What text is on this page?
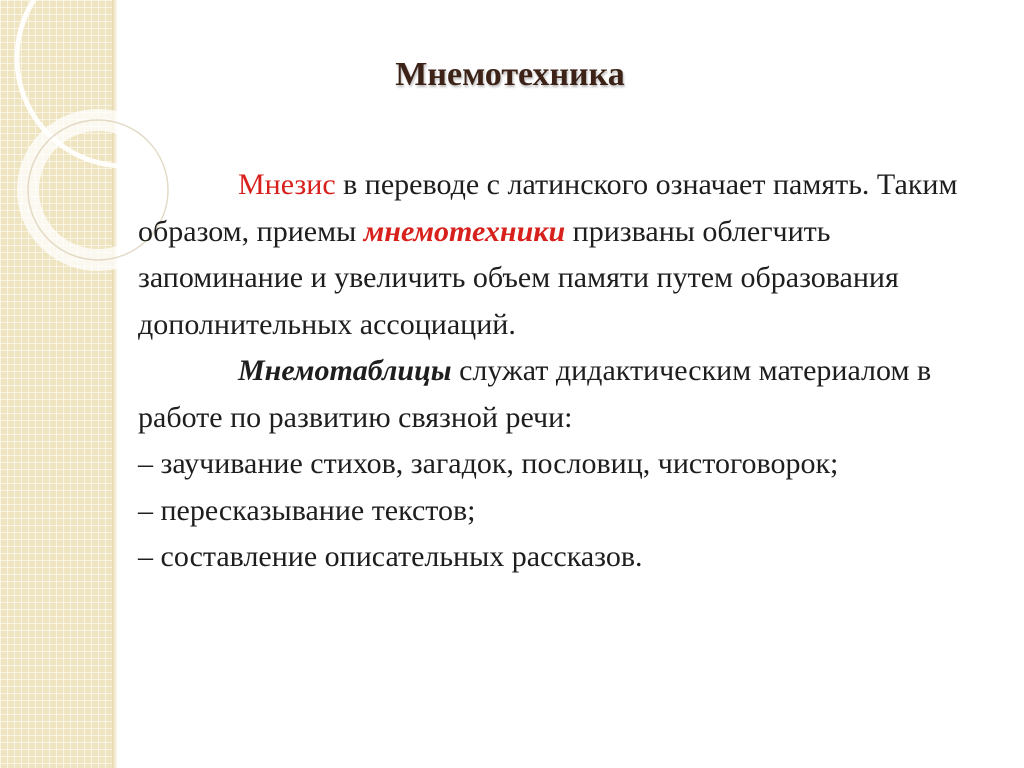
Мнемотехника

Мнезис в переводе с латинского означает память. Таким образом, приемы мнемотехники призваны облегчить запоминание и увеличить объем памяти путем образования дополнительных ассоциаций.

Мнемотаблицы служат дидактическим материалом в работе по развитию связной речи:

– заучивание стихов, загадок, пословиц, чистоговорок;

– пересказывание текстов;

– составление описательных рассказов.
